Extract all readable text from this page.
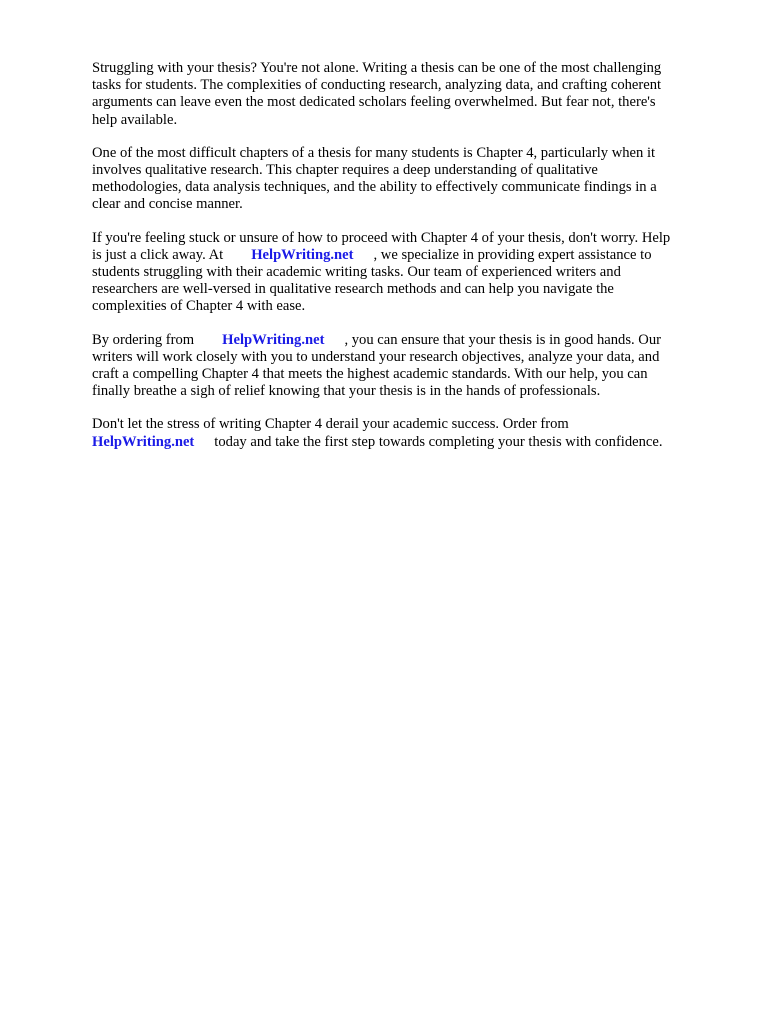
Struggling with your thesis? You're not alone. Writing a thesis can be one of the most challenging
tasks for students. The complexities of conducting research, analyzing data, and crafting coherent
arguments can leave even the most dedicated scholars feeling overwhelmed. But fear not, there's
help available.

One of the most difficult chapters of a thesis for many students is Chapter 4, particularly when it
involves qualitative research. This chapter requires a deep understanding of qualitative
methodologies, data analysis techniques, and the ability to effectively communicate findings in a
clear and concise manner.

If you're feeling stuck or unsure of how to proceed with Chapter 4 of your thesis, don't worry. Help
is just a click away. At HelpWriting.net , we specialize in providing expert assistance to
students struggling with their academic writing tasks. Our team of experienced writers and
researchers are well-versed in qualitative research methods and can help you navigate the
complexities of Chapter 4 with ease.

By ordering from HelpWriting.net , you can ensure that your thesis is in good hands. Our
writers will work closely with you to understand your research objectives, analyze your data, and
craft a compelling Chapter 4 that meets the highest academic standards. With our help, you can
finally breathe a sigh of relief knowing that your thesis is in the hands of professionals.

Don't let the stress of writing Chapter 4 derail your academic success. Order from
HelpWriting.net today and take the first step towards completing your thesis with confidence.
